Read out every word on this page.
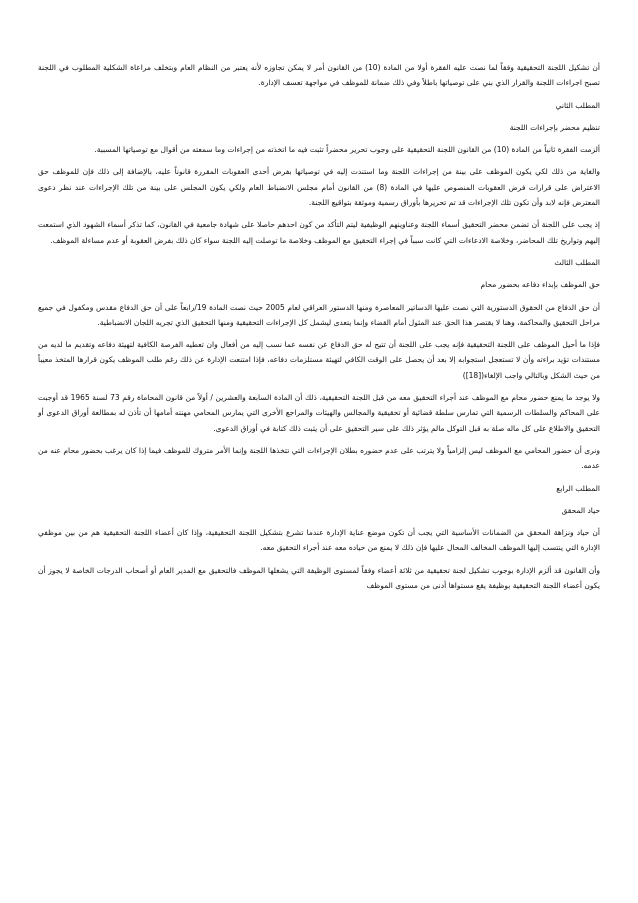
أن تشكيل اللجنة التحقيقية وفقاً لما نصت عليه الفقرة أولا من المادة (10) من القانون أمر لا يمكن تجاوزه لأنه يعتبر من النظام العام وبتخلف مراعاة الشكلية المطلوب في اللجنة تصبح اجراءات اللجنة والقرار الذي بني على توصياتها باطلاً وفي ذلك ضمانة للموظف في مواجهة تعسف الإدارة.

المطلب الثاني

تنظيم محضر بإجراءات اللجنة

ألزمت الفقرة ثانياً من المادة (10) من القانون اللجنة التحقيقية على وجوب تحرير محضراً تثبت فيه ما اتخذته من إجراءات وما سمعته من أقوال مع توصياتها المسببة.

والغاية من ذلك لكي يكون الموظف على بينة من إجراءات اللجنة وما استندت إليه في توصياتها بفرض أحدى العقوبات المقررة قانوناً عليه، بالإضافة إلى ذلك فإن للموظف حق الاعتراض على قرارات فرض العقوبات المنصوص عليها في المادة (8) من القانون أمام مجلس الانضباط العام ولكي يكون المجلس على بينة من تلك الإجراءات عند نظر دعوى المعترض فإنه لابد وأن تكون تلك الإجراءات قد تم تحريرها بأوراق رسمية وموثقة بتواقيع اللجنة.

إذ يجب على اللجنة أن تضمن محضر التحقيق أسماء اللجنة وعناوينهم الوظيفية ليتم التأكد من كون احدهم حاصلا على شهادة جامعية في القانون، كما تذكر أسماء الشهود الذي استمعت إليهم وتواريخ تلك المحاضر، وخلاصة الادعاءات التي كانت سبباً في إجراء التحقيق مع الموظف وخلاصة ما توصلت إليه اللجنة سواء كان ذلك بفرض العقوبة أو عدم مساءلة الموظف.

المطلب الثالث

حق الموظف بإبداء دفاعه بحضور محام

أن حق الدفاع من الحقوق الدستورية التي نصت عليها الدساتير المعاصرة ومنها الدستور العراقي لعام 2005 حيث نصت المادة 19/رابعاً على أن حق الدفاع مقدس ومكفول في جميع مراحل التحقيق والمحاكمة، وهنا لا يقتصر هذا الحق عند المثول أمام القضاء وإنما يتعدى ليشمل كل الإجراءات التحقيقية ومنها التحقيق الذي تجريه اللجان الانضباطية.

فإذا ما أحيل الموظف على اللجنة التحقيقية فإنه يجب على اللجنة أن تتيح له حق الدفاع عن نفسه عما نسب إليه من أفعال وان تعطيه الفرصة الكافية لتهيئة دفاعه وتقديم ما لديه من مستندات تؤيد براءته وأن لا تستعجل استجوابه إلا بعد أن يحصل على الوقت الكافي لتهيئة مستلزمات دفاعه، فإذا امتنعت الإدارة عن ذلك رغم طلب الموظف يكون قرارها المتخذ معيباً من حيث الشكل وبالتالي واجب الإلغاء([18])

ولا يوجد ما يمنع حضور محام مع الموظف عند أجراء التحقيق معه من قبل اللجنة التحقيقية، ذلك أن المادة السابعة والعشرين / أولاً من قانون المحاماة رقم 73 لسنة 1965 قد أوجبت على المحاكم والسلطات الرسمية التي تمارس سلطة قضائية أو تحقيقية والمجالس والهيئات والمراجع الأخرى التي يمارس المحامي مهنته أمامها أن تأذن له بمطالعة أوراق الدعوى أو التحقيق والاطلاع على كل ماله صلة به قبل التوكل مالم يؤثر ذلك على سير التحقيق على أن يثبت ذلك كتابة في أوراق الدعوى.

ونرى أن حضور المحامي مع الموظف ليس إلزامياً ولا يترتب على عدم حضوره بطلان الإجراءات التي تتخذها اللجنة وإنما الأمر متروك للموظف فيما إذا كان يرغب بحضور محام عنه من عدمه.

المطلب الرابع

حياد المحقق

أن حياد ونزاهة المحقق من الضمانات الأساسية التي يجب أن تكون موضع عناية الإدارة عندما تشرع بتشكيل اللجنة التحقيقية، وإذا كان أعضاء اللجنة التحقيقية هم من بين موظفي الإدارة التي ينتسب إليها الموظف المخالف المحال عليها فإن ذلك لا يمنع من حياده معه عند أجراء التحقيق معه.

وأن القانون قد ألزم الإدارة بوجوب تشكيل لجنة تحقيقية من ثلاثة أعضاء وفقاً لمستوى الوظيفة التي يشغلها الموظف فالتحقيق مع المدير العام أو أصحاب الدرجات الخاصة لا يجوز أن يكون أعضاء اللجنة التحقيقية بوظيفة يقع مستواها أدنى من مستوى الموظف
